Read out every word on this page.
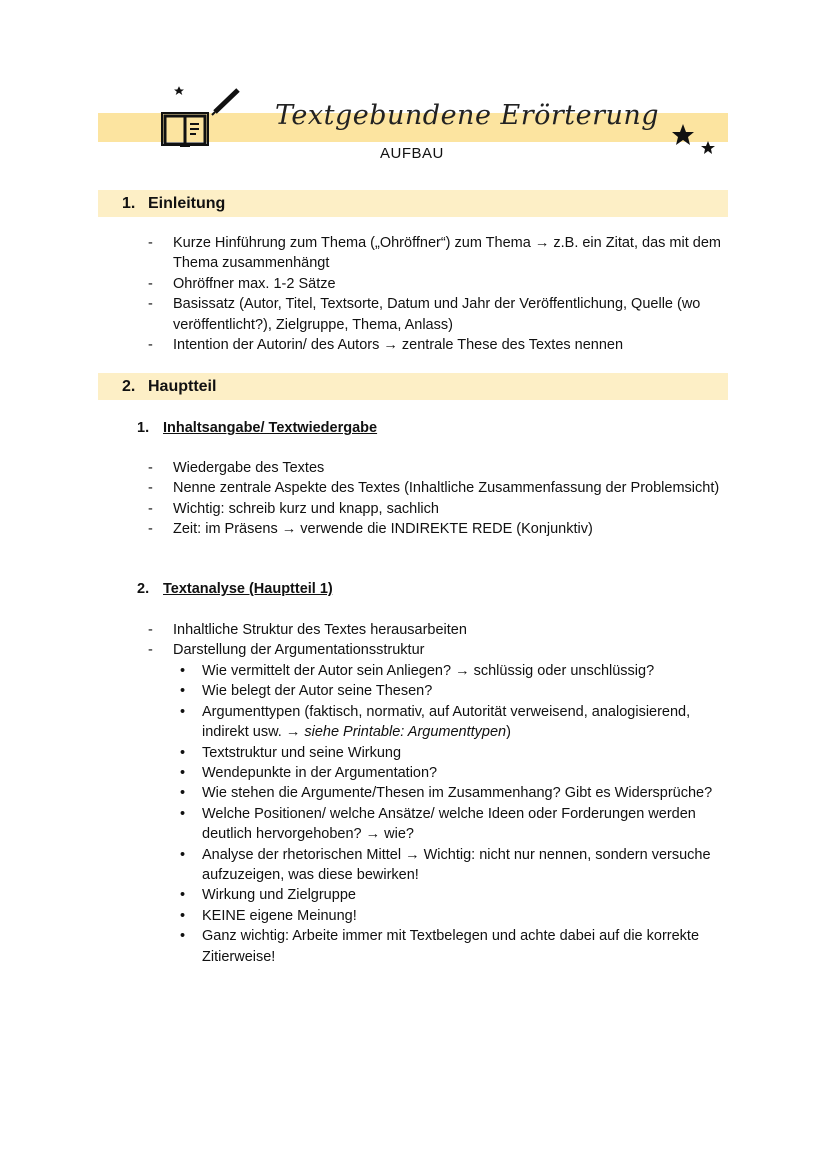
Textgebundene Erörterung
AUFBAU
1. Einleitung
- Kurze Hinführung zum Thema („Ohröffner“) zum Thema → z.B. ein Zitat, das mit dem Thema zusammenhängt
- Ohröffner max. 1-2 Sätze
- Basissatz (Autor, Titel, Textsorte, Datum und Jahr der Veröffentlichung, Quelle (wo veröffentlicht?), Zielgruppe, Thema, Anlass)
- Intention der Autorin/ des Autors → zentrale These des Textes nennen
2. Hauptteil
1. Inhaltsangabe/ Textwiedergabe
- Wiedergabe des Textes
- Nenne zentrale Aspekte des Textes (Inhaltliche Zusammenfassung der Problemsicht)
- Wichtig: schreib kurz und knapp, sachlich
- Zeit: im Präsens → verwende die INDIREKTE REDE (Konjunktiv)
2. Textanalyse (Hauptteil 1)
- Inhaltliche Struktur des Textes herausarbeiten
- Darstellung der Argumentationsstruktur
• Wie vermittelt der Autor sein Anliegen? → schlüssig oder unschlüssig?
• Wie belegt der Autor seine Thesen?
• Argumenttypen (faktisch, normativ, auf Autorität verweisend, analogisierend, indirekt usw. → siehe Printable: Argumenttypen)
• Textstruktur und seine Wirkung
• Wendepunkte in der Argumentation?
• Wie stehen die Argumente/Thesen im Zusammenhang? Gibt es Widersprüche?
• Welche Positionen/ welche Ansätze/ welche Ideen oder Forderungen werden deutlich hervorgehoben? → wie?
• Analyse der rhetorischen Mittel → Wichtig: nicht nur nennen, sondern versuche aufzuzeigen, was diese bewirken!
• Wirkung und Zielgruppe
• KEINE eigene Meinung!
• Ganz wichtig: Arbeite immer mit Textbelegen und achte dabei auf die korrekte Zitierweise!
